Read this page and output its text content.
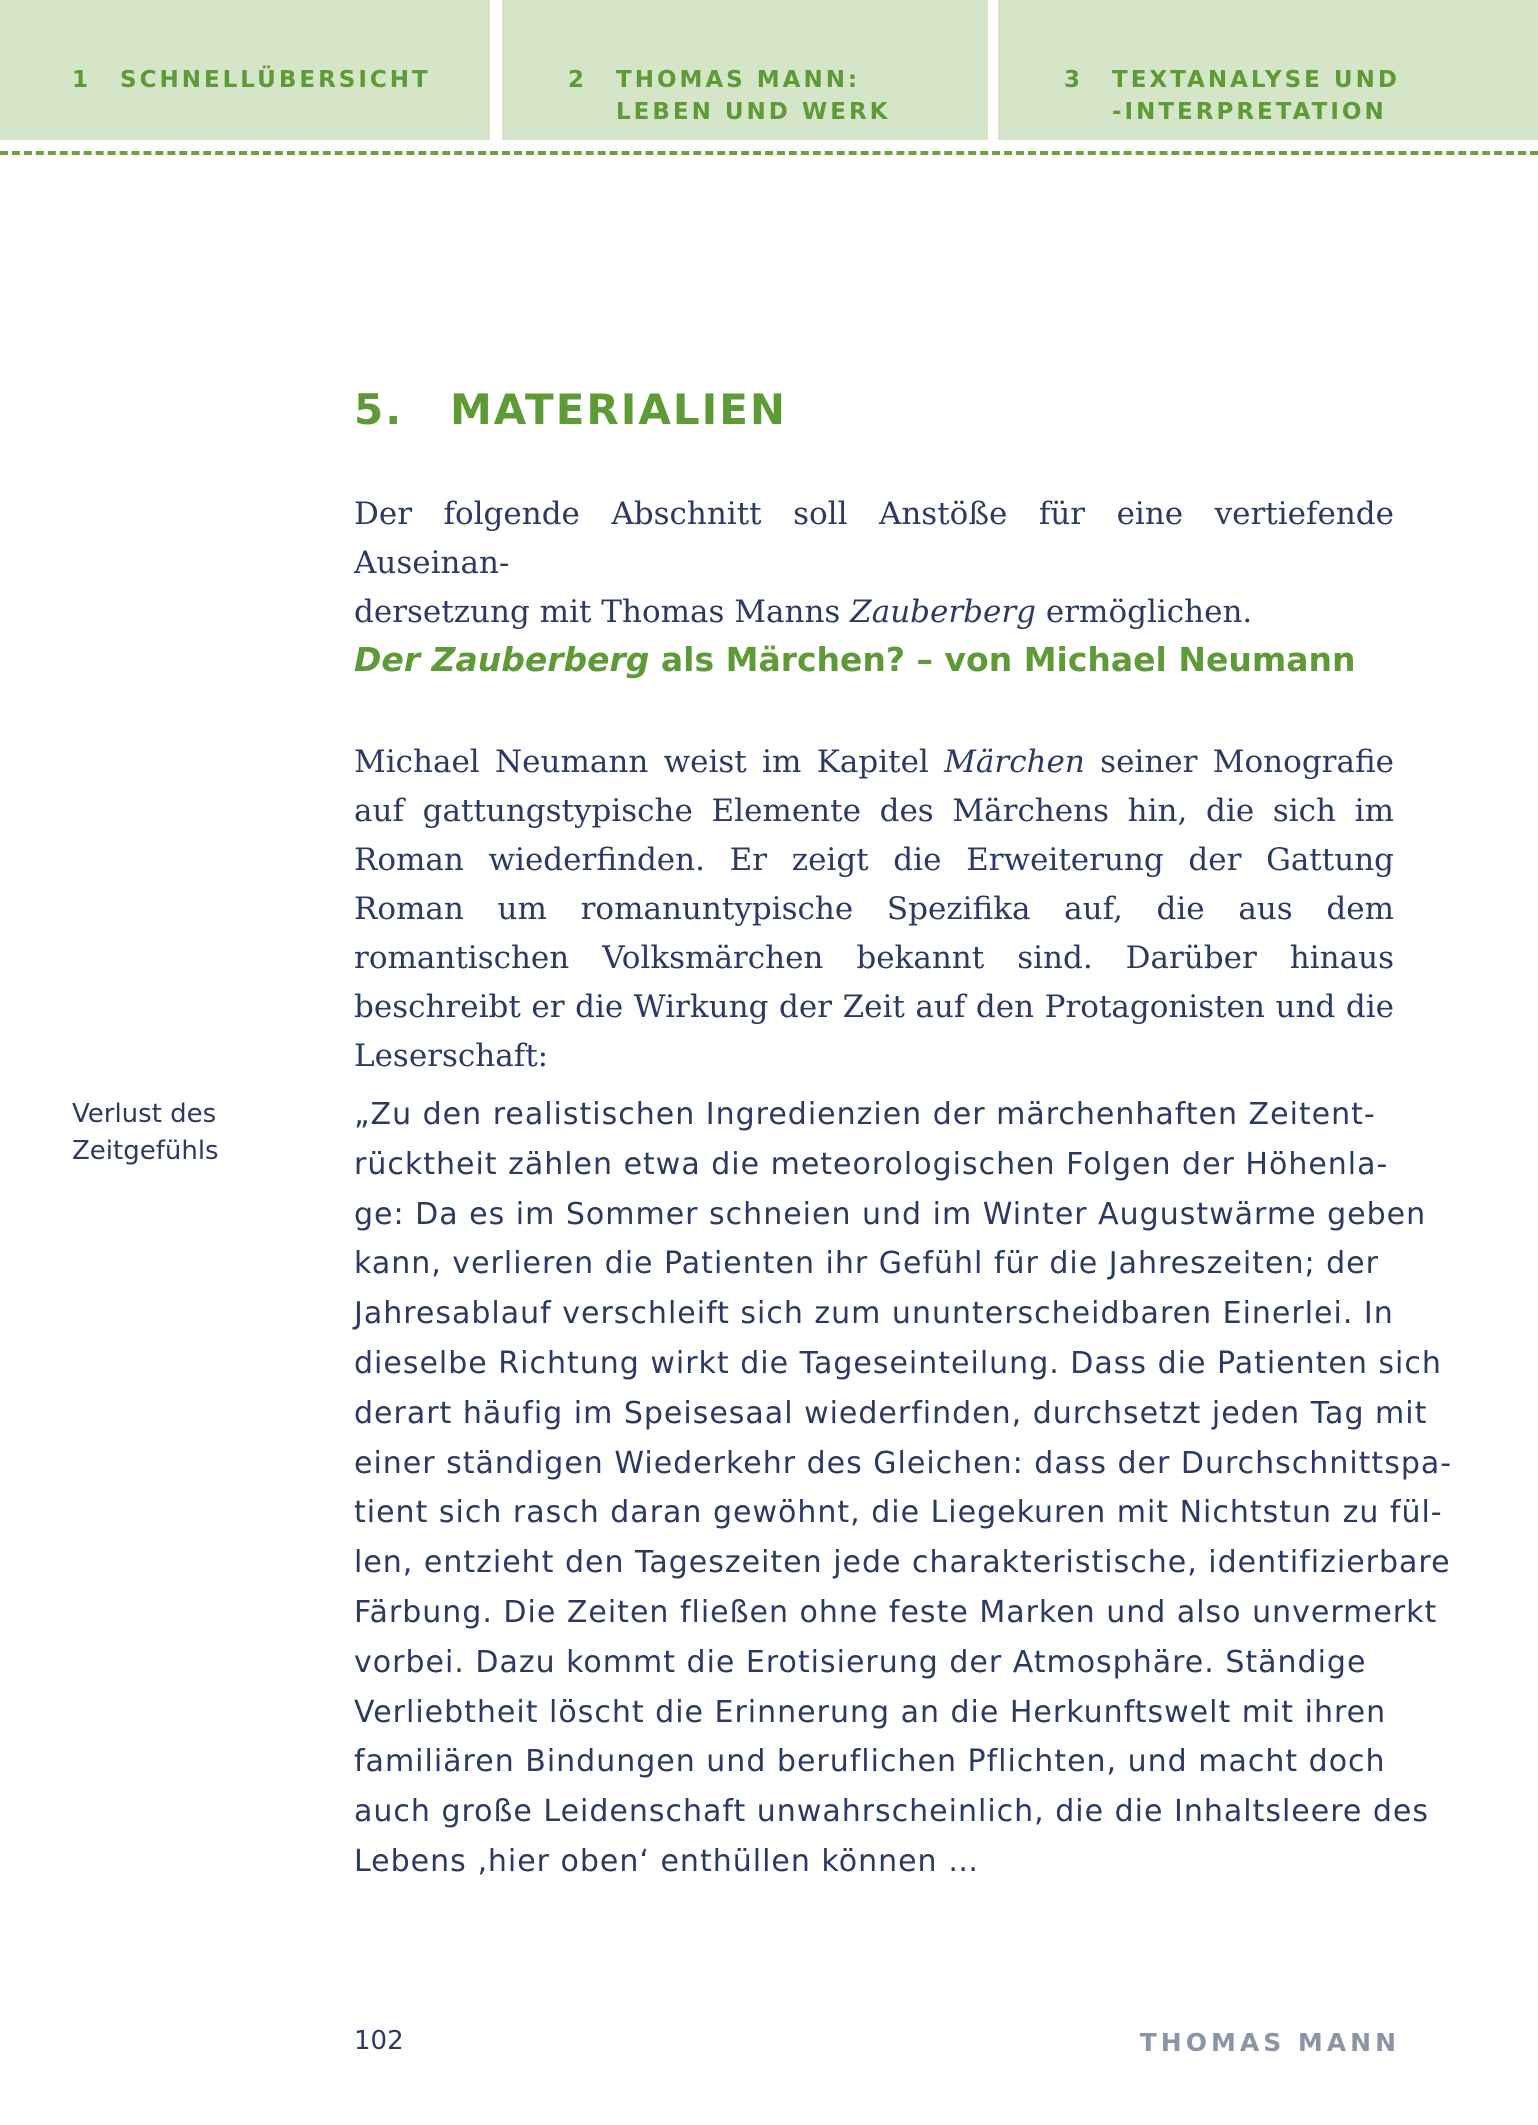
1 SCHNELLÜBERSICHT	2 THOMAS MANN:
LEBEN UND WERK
3 TEXTANALYSE UND
-INTERPRETATION
5. MATERIALIEN
Der folgende Abschnitt soll Anstöße für eine vertiefende Auseinan-
dersetzung mit Thomas Manns Zauberberg ermöglichen.
Der Zauberberg als Märchen? – von Michael Neumann
Michael Neumann weist im Kapitel Märchen seiner Monografie auf gattungstypische Elemente des Märchens hin, die sich im Roman wiederfinden. Er zeigt die Erweiterung der Gattung Roman um romanuntypische Spezifika auf, die aus dem romantischen Volksmärchen bekannt sind. Darüber hinaus beschreibt er die Wirkung der Zeit auf den Protagonisten und die Leserschaft:
Verlust des
Zeitgefühls
„Zu den realistischen Ingredienzien der märchenhaften Zeitent-
rücktheit zählen etwa die meteorologischen Folgen der Höhenla-
ge: Da es im Sommer schneien und im Winter Augustwärme geben
kann, verlieren die Patienten ihr Gefühl für die Jahreszeiten; der
Jahresablauf verschleift sich zum ununterscheidbaren Einerlei. In
dieselbe Richtung wirkt die Tageseinteilung. Dass die Patienten sich
derart häufig im Speisesaal wiederfinden, durchsetzt jeden Tag mit
einer ständigen Wiederkehr des Gleichen: dass der Durchschnittspa-
tient sich rasch daran gewöhnt, die Liegekuren mit Nichtstun zu fül-
len, entzieht den Tageszeiten jede charakteristische, identifizierbare
Färbung. Die Zeiten fließen ohne feste Marken und also unvermerkt
vorbei. Dazu kommt die Erotisierung der Atmosphäre. Ständige
Verliebtheit löscht die Erinnerung an die Herkunftswelt mit ihren
familiären Bindungen und beruflichen Pflichten, und macht doch
auch große Leidenschaft unwahrscheinlich, die die Inhaltsleere des
Lebens ‚hier oben‘ enthüllen können …
102	THOMAS MANN
